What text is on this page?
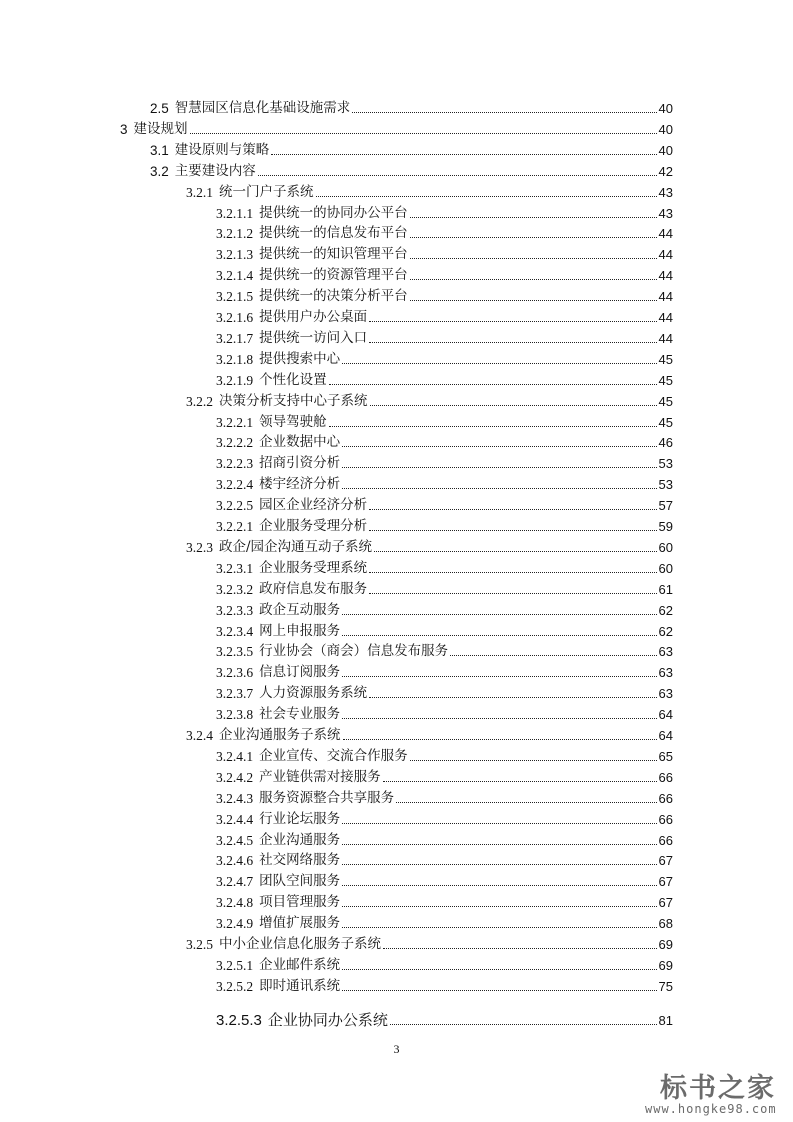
2.5 智慧园区信息化基础设施需求	40
3 建设规划	40
3.1 建设原则与策略	40
3.2 主要建设内容	42
3.2.1 统一门户子系统	43
3.2.1.1 提供统一的协同办公平台	43
3.2.1.2 提供统一的信息发布平台	44
3.2.1.3 提供统一的知识管理平台	44
3.2.1.4 提供统一的资源管理平台	44
3.2.1.5 提供统一的决策分析平台	44
3.2.1.6 提供用户办公桌面	44
3.2.1.7 提供统一访问入口	44
3.2.1.8 提供搜索中心	45
3.2.1.9 个性化设置	45
3.2.2 决策分析支持中心子系统	45
3.2.2.1 领导驾驶舱	45
3.2.2.2 企业数据中心	46
3.2.2.3 招商引资分析	53
3.2.2.4 楼宇经济分析	53
3.2.2.5 园区企业经济分析	57
3.2.2.1 企业服务受理分析	59
3.2.3 政企/园企沟通互动子系统	60
3.2.3.1 企业服务受理系统	60
3.2.3.2 政府信息发布服务	61
3.2.3.3 政企互动服务	62
3.2.3.4 网上申报服务	62
3.2.3.5 行业协会（商会）信息发布服务	63
3.2.3.6 信息订阅服务	63
3.2.3.7 人力资源服务系统	63
3.2.3.8 社会专业服务	64
3.2.4 企业沟通服务子系统	64
3.2.4.1 企业宣传、交流合作服务	65
3.2.4.2 产业链供需对接服务	66
3.2.4.3 服务资源整合共享服务	66
3.2.4.4 行业论坛服务	66
3.2.4.5 企业沟通服务	66
3.2.4.6 社交网络服务	67
3.2.4.7 团队空间服务	67
3.2.4.8 项目管理服务	67
3.2.4.9 增值扩展服务	68
3.2.5 中小企业信息化服务子系统	69
3.2.5.1 企业邮件系统	69
3.2.5.2 即时通讯系统	75
3.2.5.3 企业协同办公系统	81
3
标书之家
www.hongke98.com
